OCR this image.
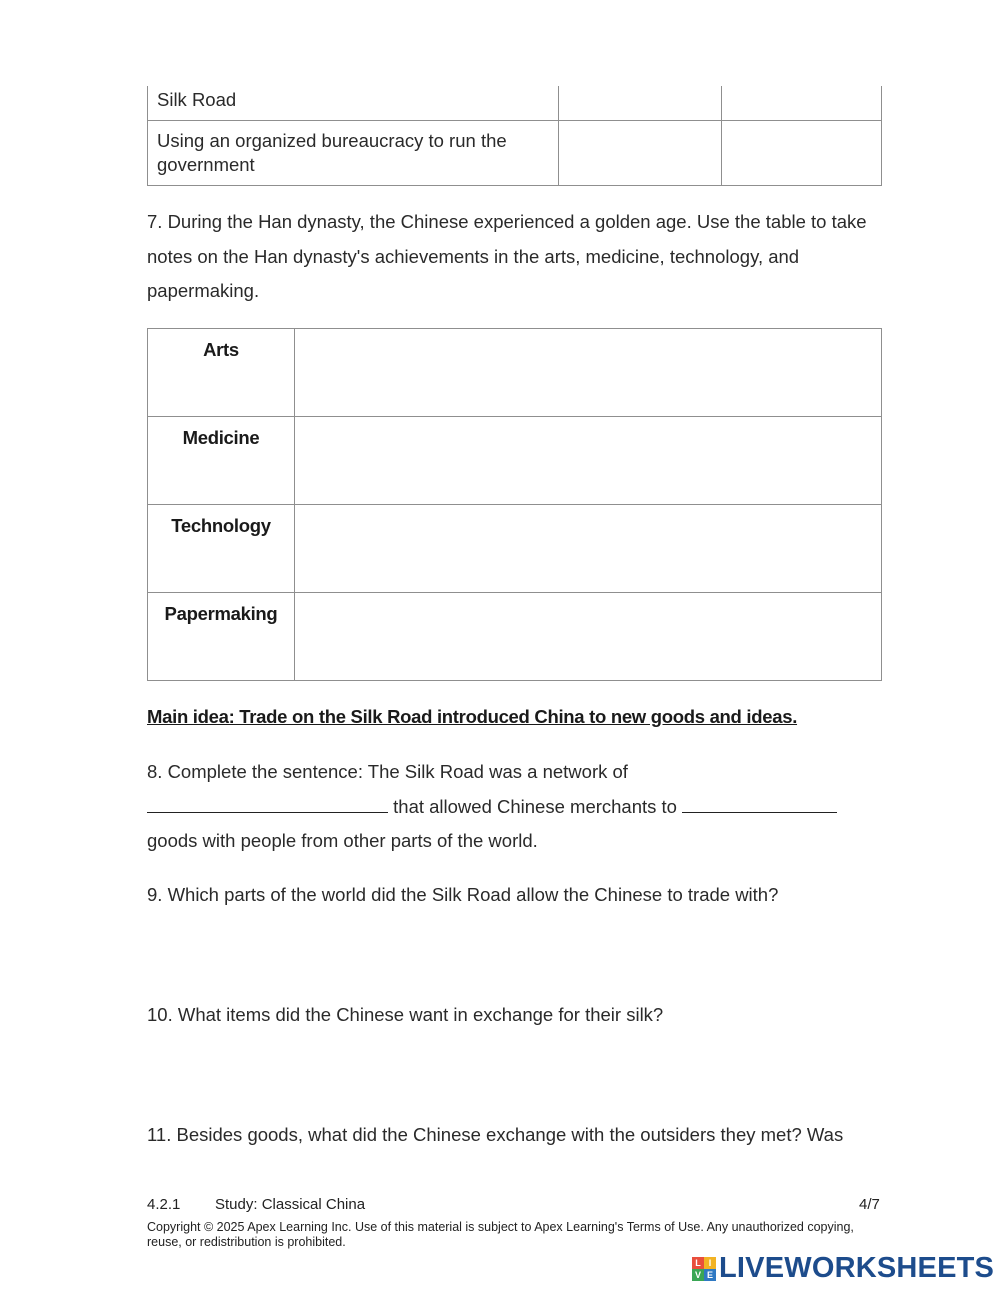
Silk Road		

Using an organized bureaucracy to run the government		

7. During the Han dynasty, the Chinese experienced a golden age. Use the table to take notes on the Han dynasty's achievements in the arts, medicine, technology, and papermaking.

Arts	
Medicine	
Technology	
Papermaking	
Main idea: Trade on the Silk Road introduced China to new goods and ideas.
8. Complete the sentence: The Silk Road was a network of
that allowed Chinese merchants to
goods with people from other parts of the world.

9. Which parts of the world did the Silk Road allow the Chinese to trade with?

10. What items did the Chinese want in exchange for their silk?

11. Besides goods, what did the Chinese exchange with the outsiders they met? Was

4.2.1 Study: Classical China	4/7
Copyright © 2025 Apex Learning Inc. Use of this material is subject to Apex Learning's Terms of Use. Any unauthorized copying, reuse, or redistribution is prohibited.
L I
V E LIVEWORKSHEETS
